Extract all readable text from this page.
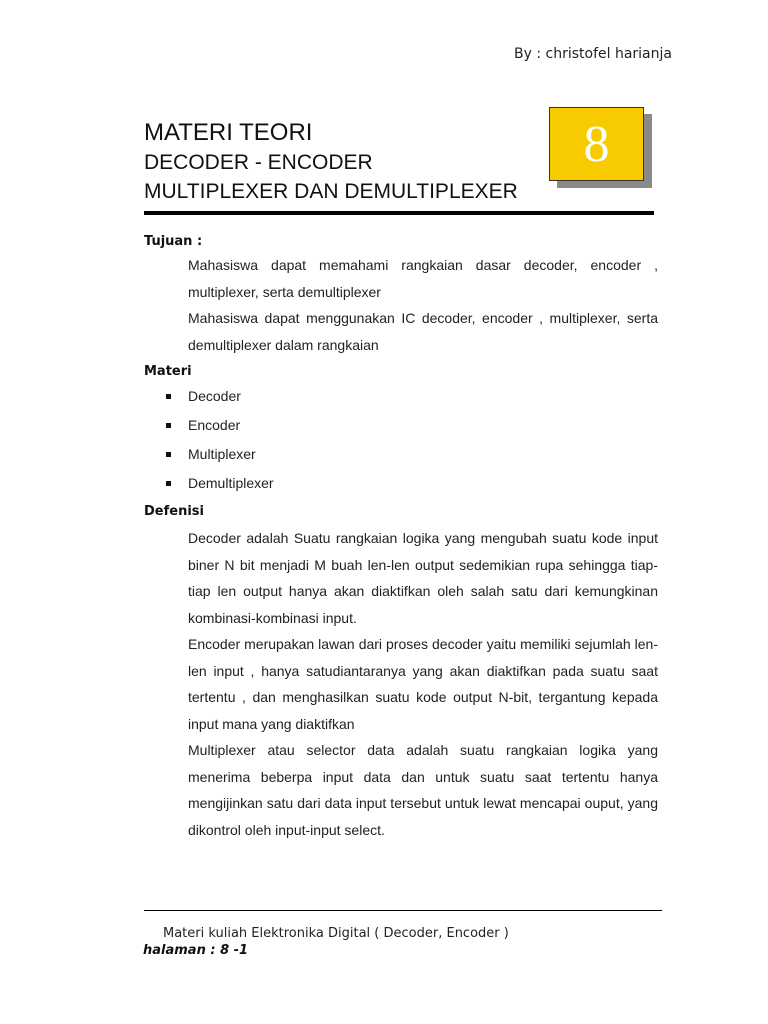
By : christofel harianja
MATERI TEORI
DECODER - ENCODER
MULTIPLEXER DAN DEMULTIPLEXER
8
Tujuan :
Mahasiswa dapat memahami rangkaian dasar decoder, encoder , multiplexer, serta demultiplexer
Mahasiswa dapat menggunakan IC decoder, encoder , multiplexer, serta demultiplexer dalam rangkaian
Materi
Decoder
Encoder
Multiplexer
Demultiplexer
Defenisi
Decoder adalah Suatu rangkaian logika yang mengubah suatu kode input biner N bit menjadi M buah len-len output sedemikian rupa sehingga tiap-tiap len output hanya akan diaktifkan oleh salah satu dari kemungkinan kombinasi-kombinasi input.
Encoder merupakan lawan dari proses decoder yaitu memiliki sejumlah len-len input , hanya satudiantaranya yang akan diaktifkan pada suatu saat tertentu , dan menghasilkan suatu kode output N-bit, tergantung kepada input mana yang diaktifkan
Multiplexer atau selector data adalah suatu rangkaian logika yang menerima beberpa input data dan untuk suatu saat tertentu hanya mengijinkan satu dari data input tersebut untuk lewat mencapai ouput, yang dikontrol oleh input-input select.
Materi kuliah Elektronika Digital ( Decoder, Encoder )
halaman : 8 -1
